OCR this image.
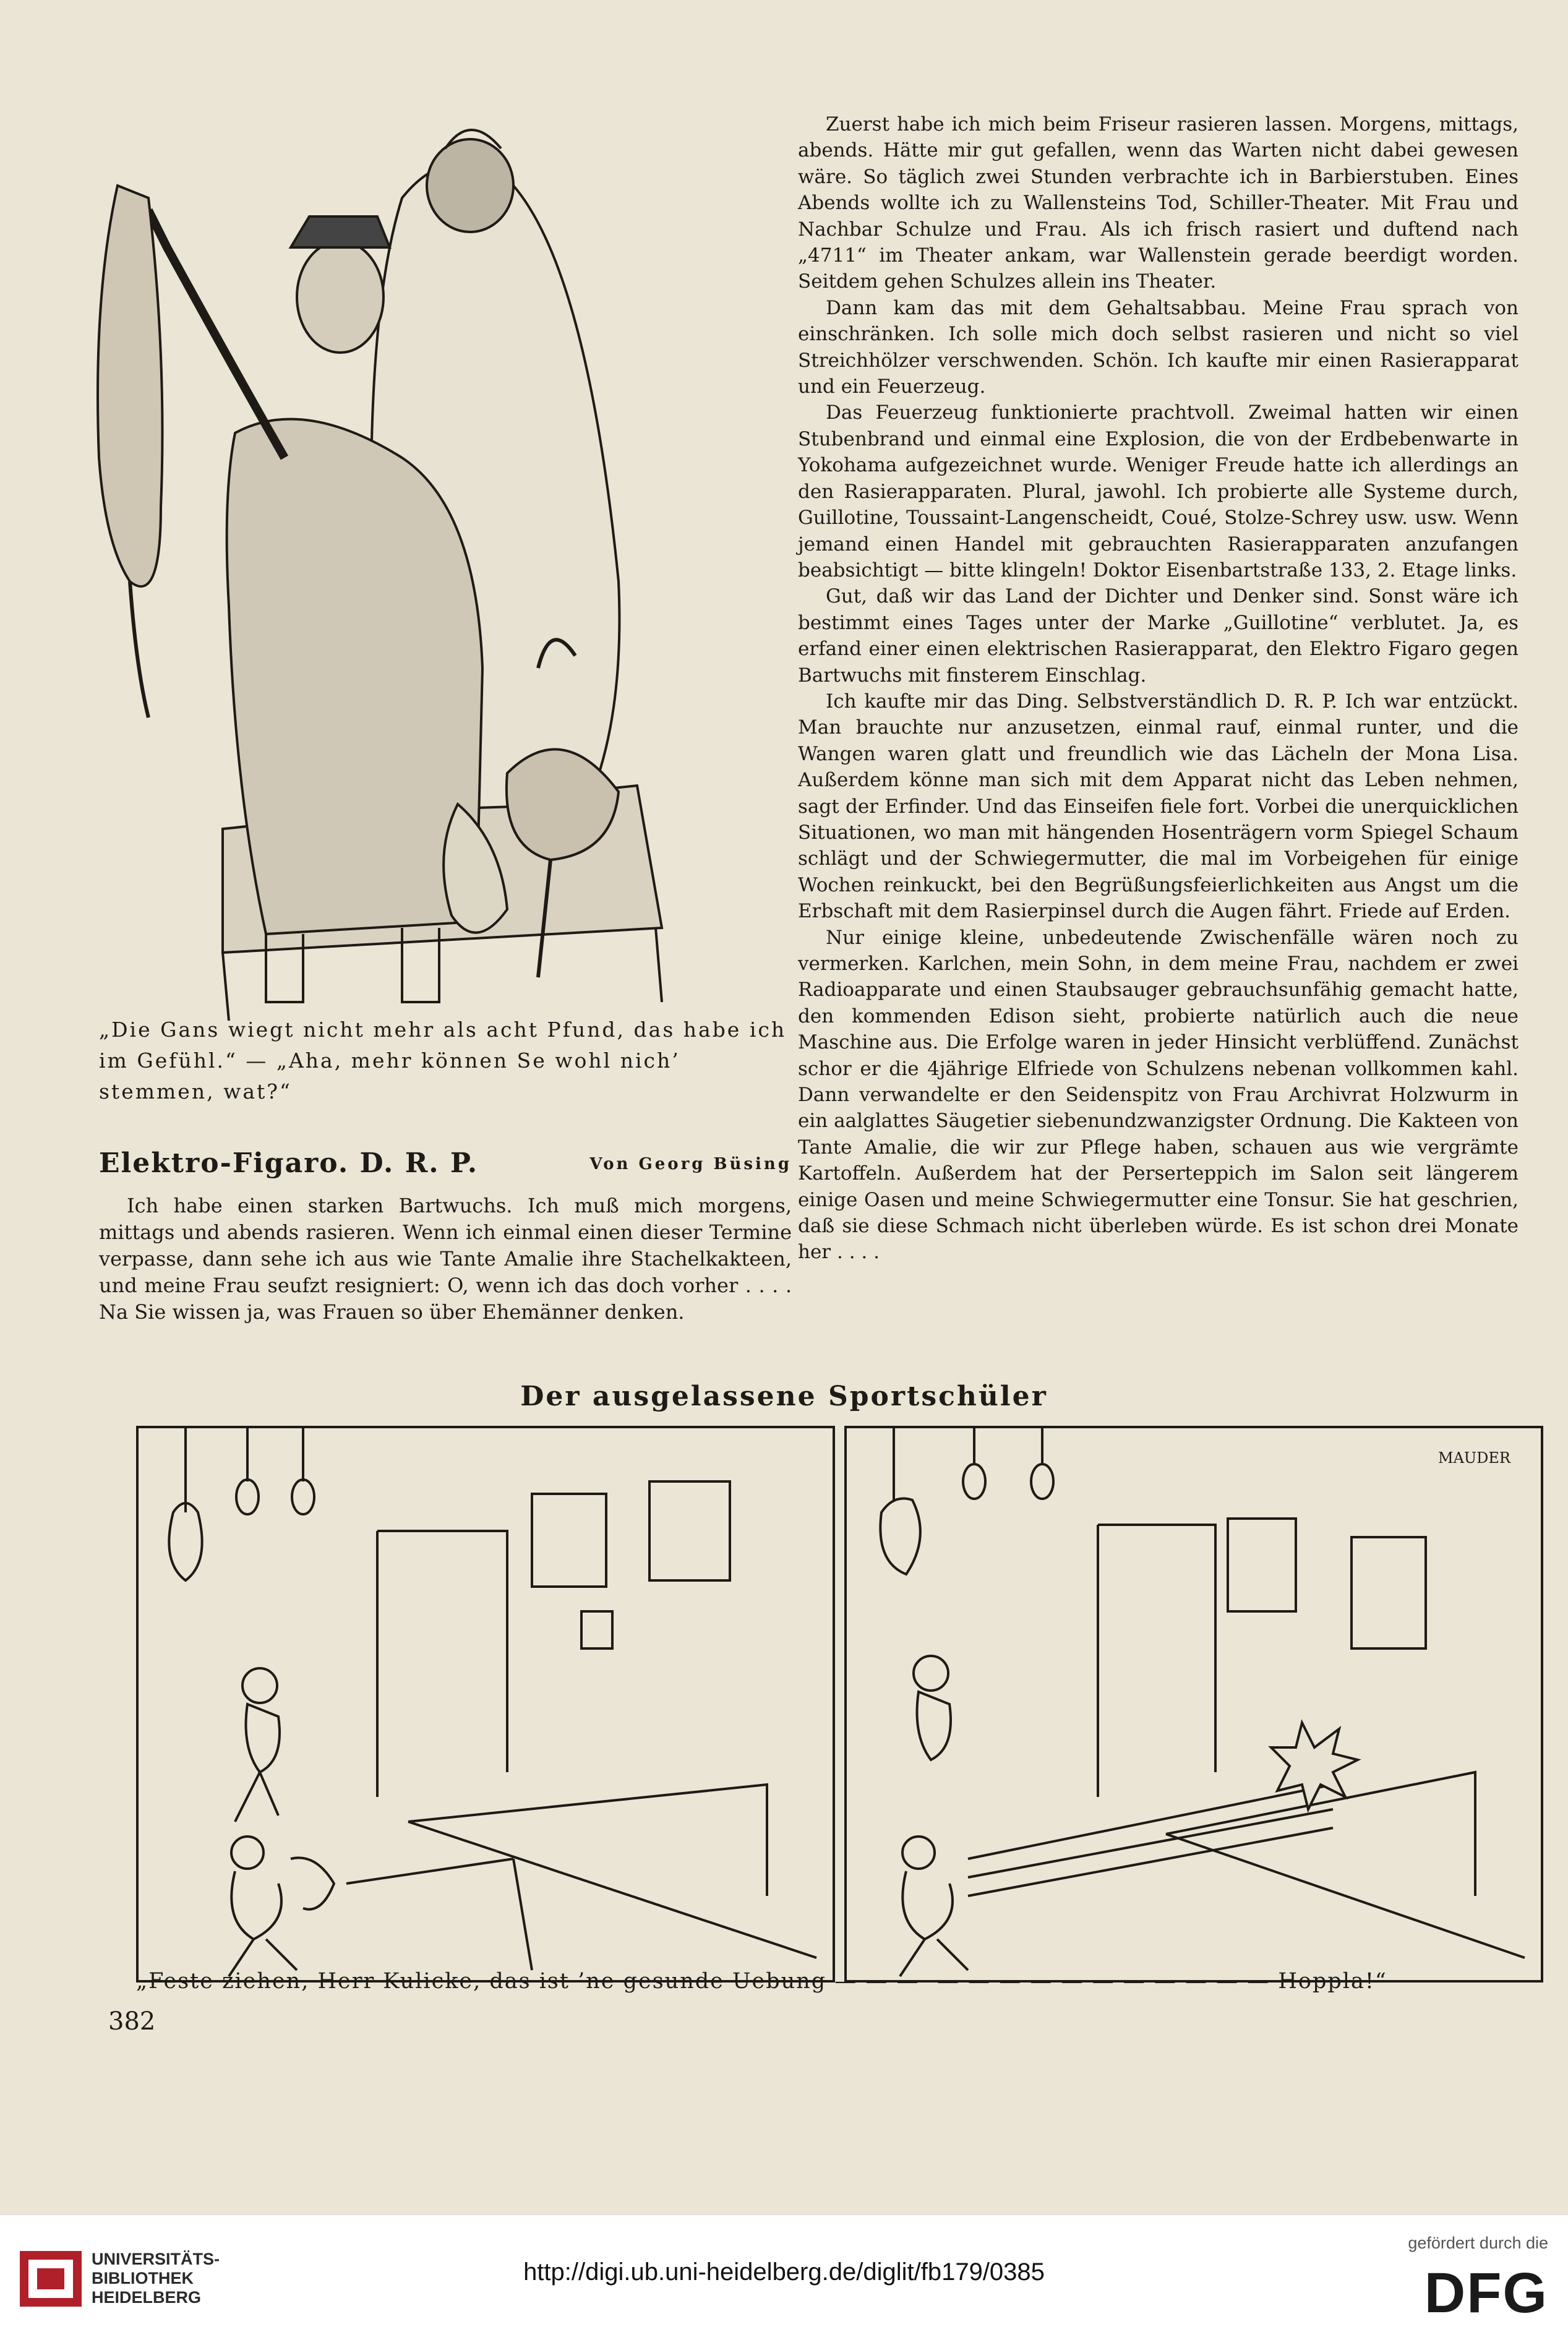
„Die Gans wiegt nicht mehr als acht Pfund, das habe ich im Gefühl.“ — „Aha, mehr können Se wohl nich’ stemmen, wat?“

Elektro-Figaro. D. R. P.	Von Georg Büsing

Ich habe einen starken Bartwuchs. Ich muß mich morgens, mittags und abends rasieren. Wenn ich einmal einen dieser Termine verpasse, dann sehe ich aus wie Tante Amalie ihre Stachelkakteen, und meine Frau seufzt resigniert: O, wenn ich das doch vorher . . . . Na Sie wissen ja, was Frauen so über Ehemänner denken.

Zuerst habe ich mich beim Friseur rasieren lassen. Morgens, mittags, abends. Hätte mir gut gefallen, wenn das Warten nicht dabei gewesen wäre. So täglich zwei Stunden verbrachte ich in Barbierstuben. Eines Abends wollte ich zu Wallensteins Tod, Schiller-Theater. Mit Frau und Nachbar Schulze und Frau. Als ich frisch rasiert und duftend nach „4711“ im Theater ankam, war Wallenstein gerade beerdigt worden. Seitdem gehen Schulzes allein ins Theater.

Dann kam das mit dem Gehaltsabbau. Meine Frau sprach von einschränken. Ich solle mich doch selbst rasieren und nicht so viel Streichhölzer verschwenden. Schön. Ich kaufte mir einen Rasierapparat und ein Feuerzeug.

Das Feuerzeug funktionierte prachtvoll. Zweimal hatten wir einen Stubenbrand und einmal eine Explosion, die von der Erdbebenwarte in Yokohama aufgezeichnet wurde. Weniger Freude hatte ich allerdings an den Rasierapparaten. Plural, jawohl. Ich probierte alle Systeme durch, Guillotine, Toussaint-Langenscheidt, Coué, Stolze-Schrey usw. usw. Wenn jemand einen Handel mit gebrauchten Rasierapparaten anzufangen beabsichtigt — bitte klingeln! Doktor Eisenbartstraße 133, 2. Etage links.

Gut, daß wir das Land der Dichter und Denker sind. Sonst wäre ich bestimmt eines Tages unter der Marke „Guillotine“ verblutet. Ja, es erfand einer einen elektrischen Rasierapparat, den Elektro Figaro gegen Bartwuchs mit finsterem Einschlag.

Ich kaufte mir das Ding. Selbstverständlich D. R. P. Ich war entzückt. Man brauchte nur anzusetzen, einmal rauf, einmal runter, und die Wangen waren glatt und freundlich wie das Lächeln der Mona Lisa. Außerdem könne man sich mit dem Apparat nicht das Leben nehmen, sagt der Erfinder. Und das Einseifen fiele fort. Vorbei die unerquicklichen Situationen, wo man mit hängenden Hosenträgern vorm Spiegel Schaum schlägt und der Schwiegermutter, die mal im Vorbeigehen für einige Wochen reinkuckt, bei den Begrüßungsfeierlichkeiten aus Angst um die Erbschaft mit dem Rasierpinsel durch die Augen fährt. Friede auf Erden.

Nur einige kleine, unbedeutende Zwischenfälle wären noch zu vermerken. Karlchen, mein Sohn, in dem meine Frau, nachdem er zwei Radioapparate und einen Staubsauger gebrauchsunfähig gemacht hatte, den kommenden Edison sieht, probierte natürlich auch die neue Maschine aus. Die Erfolge waren in jeder Hinsicht verblüffend. Zunächst schor er die 4jährige Elfriede von Schulzens nebenan vollkommen kahl. Dann verwandelte er den Seidenspitz von Frau Archivrat Holzwurm in ein aalglattes Säugetier siebenundzwanzigster Ordnung. Die Kakteen von Tante Amalie, die wir zur Pflege haben, schauen aus wie vergrämte Kartoffeln. Außerdem hat der Perserteppich im Salon seit längerem einige Oasen und meine Schwiegermutter eine Tonsur. Sie hat geschrien, daß sie diese Schmach nicht überleben würde. Es ist schon drei Monate her . . . .

Der ausgelassene Sportschüler
MAUDER
„Feste ziehen, Herr Kulicke, das ist ’ne gesunde Uebung — — — — — — — — — — — — — — Hoppla!“
382
UNIVERSITÄTS-
BIBLIOTHEK
HEIDELBERG
http://digi.ub.uni-heidelberg.de/diglit/fb179/0385
gefördert durch die
DFG
